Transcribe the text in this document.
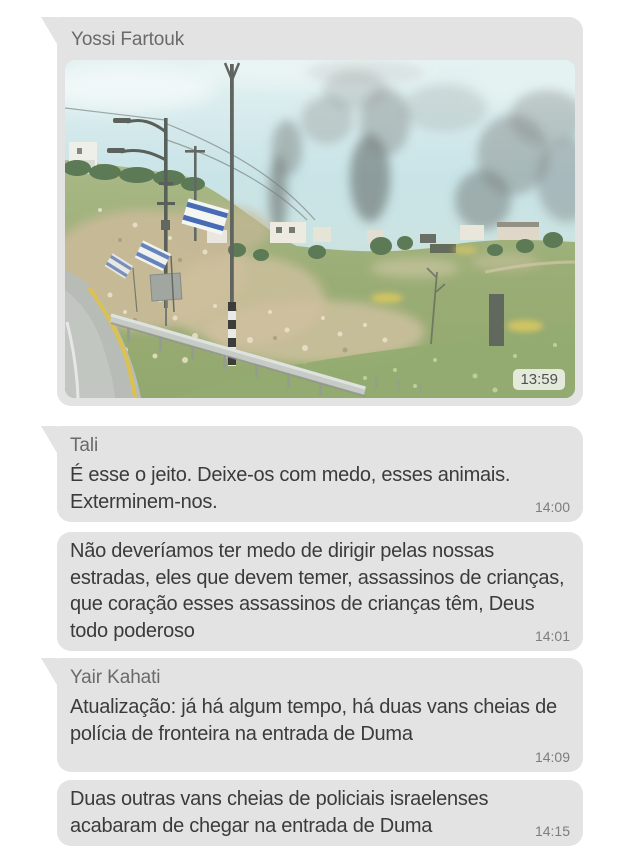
Yossi Fartouk
13:59
Tali
É esse o jeito. Deixe-os com medo, esses animais. Exterminem-nos.	14:00
Não deveríamos ter medo de dirigir pelas nossas estradas, eles que devem temer, assassinos de crianças, que coração esses assassinos de crianças têm, Deus todo poderoso	14:01
Yair Kahati
Atualização: já há algum tempo, há duas vans cheias de polícia de fronteira na entrada de Duma
14:09
Duas outras vans cheias de policiais israelenses acabaram de chegar na entrada de Duma	14:15
